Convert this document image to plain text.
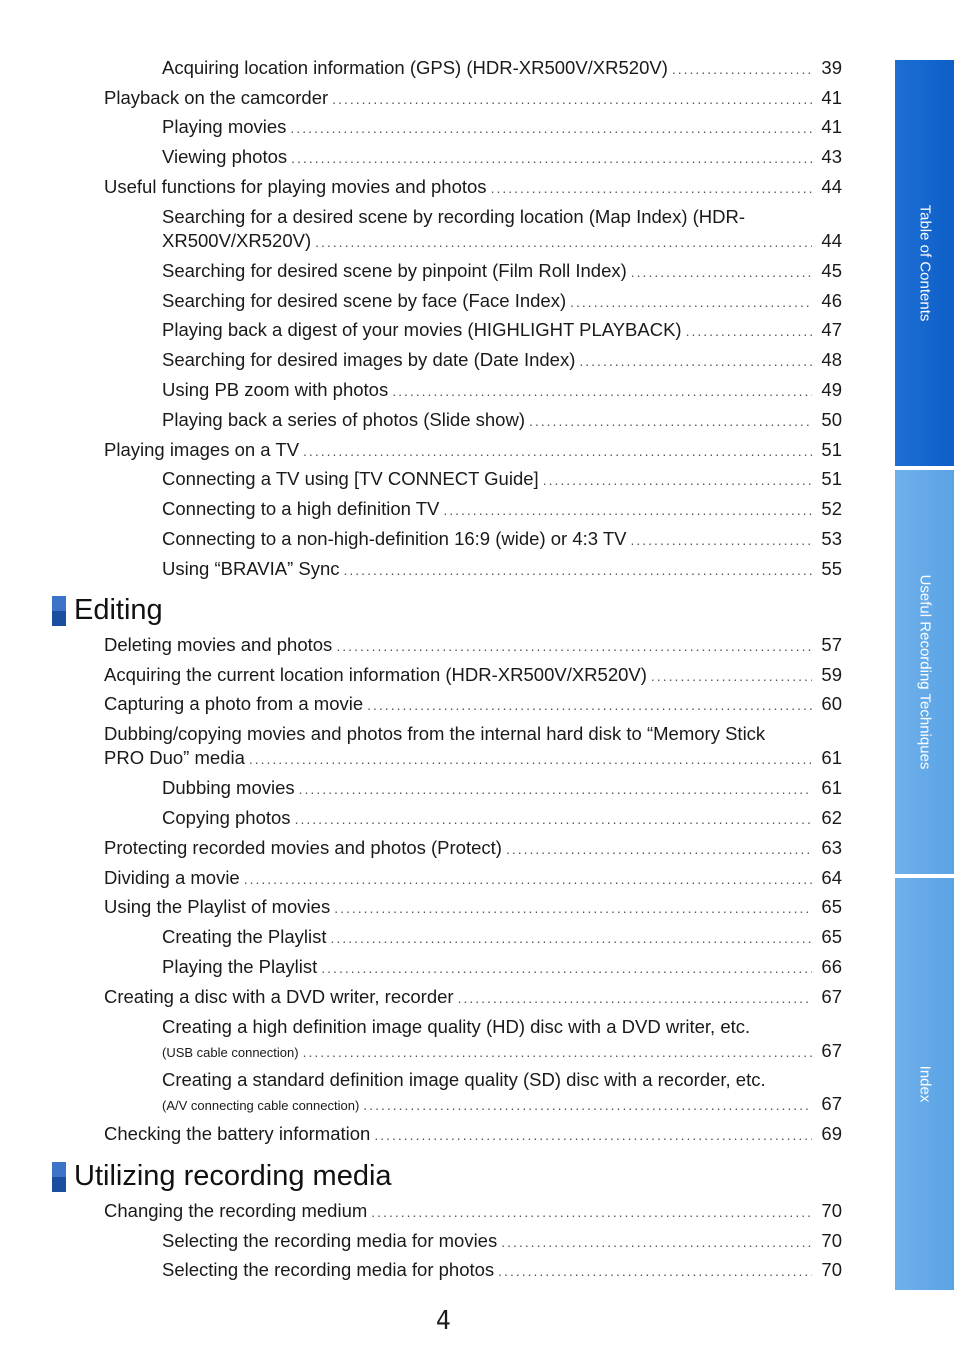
Acquiring location information (GPS) (HDR-XR500V/XR520V) .....	39
Playback on the camcorder .....	41
Playing movies .....	41
Viewing photos .....	43
Useful functions for playing movies and photos .....	44
Searching for a desired scene by recording location (Map Index) (HDR-
XR500V/XR520V) .....	44
Searching for desired scene by pinpoint (Film Roll Index) .....	45
Searching for desired scene by face (Face Index) .....	46
Playing back a digest of your movies (HIGHLIGHT PLAYBACK) .....	47
Searching for desired images by date (Date Index) .....	48
Using PB zoom with photos .....	49
Playing back a series of photos (Slide show) .....	50
Playing images on a TV .....	51
Connecting a TV using [TV CONNECT Guide] .....	51
Connecting to a high definition TV .....	52
Connecting to a non-high-definition 16:9 (wide) or 4:3 TV .....	53
Using “BRAVIA” Sync .....	55
Editing
Deleting movies and photos .....	57
Acquiring the current location information (HDR-XR500V/XR520V) .....	59
Capturing a photo from a movie .....	60
Dubbing/copying movies and photos from the internal hard disk to “Memory Stick
PRO Duo” media .....	61
Dubbing movies .....	61
Copying photos .....	62
Protecting recorded movies and photos (Protect) .....	63
Dividing a movie .....	64
Using the Playlist of movies .....	65
Creating the Playlist .....	65
Playing the Playlist .....	66
Creating a disc with a DVD writer, recorder .....	67
Creating a high definition image quality (HD) disc with a DVD writer, etc.
(USB cable connection) .....	67
Creating a standard definition image quality (SD) disc with a recorder, etc.
(A/V connecting cable connection) .....	67
Checking the battery information .....	69
Utilizing recording media
Changing the recording medium .....	70
Selecting the recording media for movies .....	70
Selecting the recording media for photos .....	70
Table of Contents
Useful Recording Techniques
Index
4
